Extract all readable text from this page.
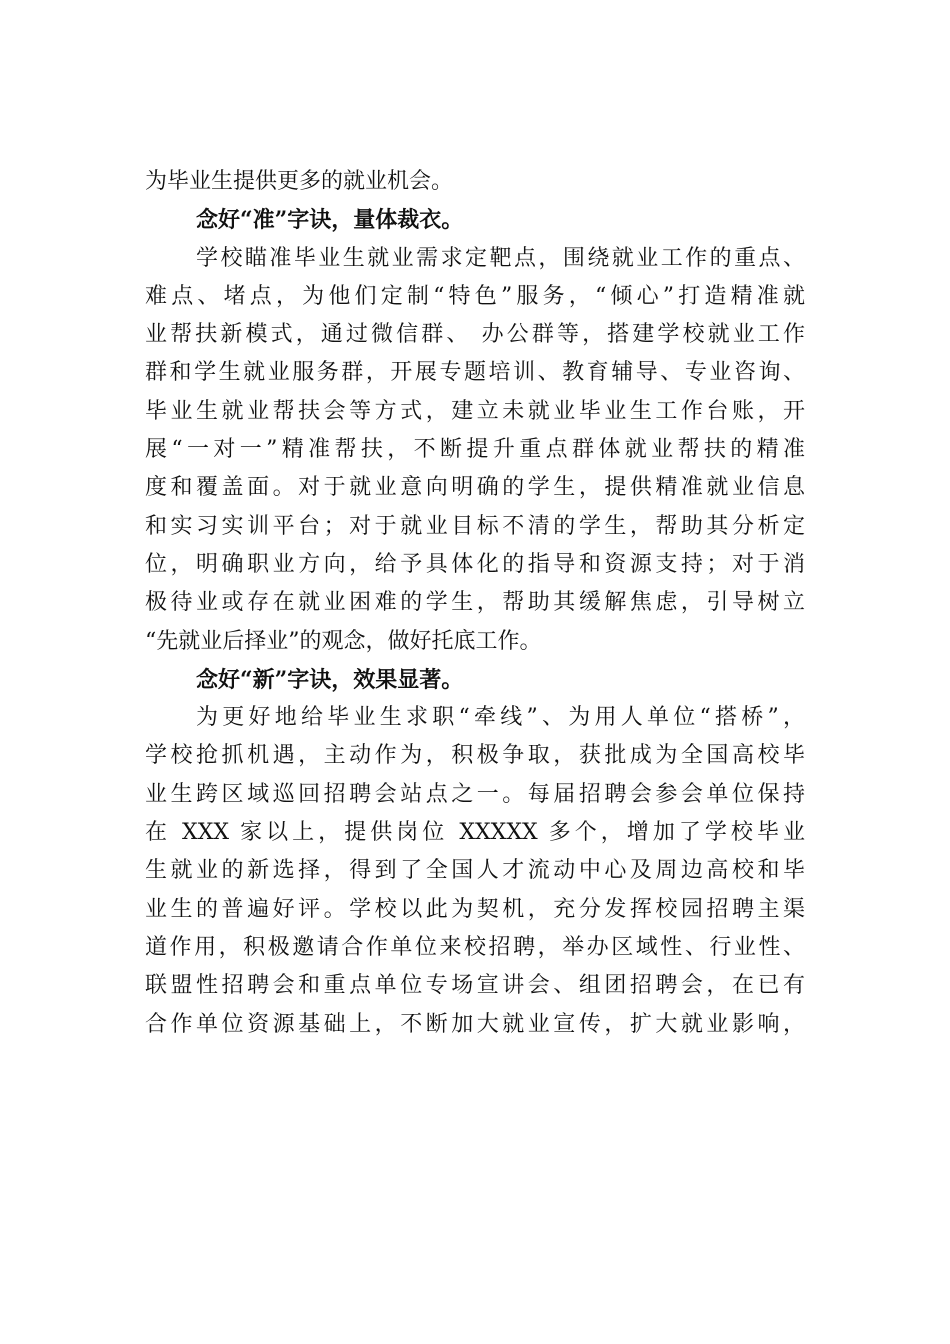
为毕业生提供更多的就业机会。
念好“准”字诀，量体裁衣。
学校瞄准毕业生就业需求定靶点，围绕就业工作的重点、
难点、堵点，为他们定制“特色”服务，“倾心”打造精准就
业帮扶新模式，通过微信群、 办公群等，搭建学校就业工作
群和学生就业服务群，开展专题培训、教育辅导、专业咨询、
毕业生就业帮扶会等方式，建立未就业毕业生工作台账，开
展“一对一”精准帮扶，不断提升重点群体就业帮扶的精准
度和覆盖面。对于就业意向明确的学生，提供精准就业信息
和实习实训平台；对于就业目标不清的学生，帮助其分析定
位，明确职业方向，给予具体化的指导和资源支持；对于消
极待业或存在就业困难的学生，帮助其缓解焦虑，引导树立
“先就业后择业”的观念，做好托底工作。
念好“新”字诀，效果显著。
为更好地给毕业生求职“牵线”、为用人单位“搭桥”，
学校抢抓机遇，主动作为，积极争取，获批成为全国高校毕
业生跨区域巡回招聘会站点之一。每届招聘会参会单位保持
在 XXX 家以上，提供岗位 XXXXX 多个，增加了学校毕业
生就业的新选择，得到了全国人才流动中心及周边高校和毕
业生的普遍好评。学校以此为契机，充分发挥校园招聘主渠
道作用，积极邀请合作单位来校招聘，举办区域性、行业性、
联盟性招聘会和重点单位专场宣讲会、组团招聘会，在已有
合作单位资源基础上，不断加大就业宣传，扩大就业影响，
